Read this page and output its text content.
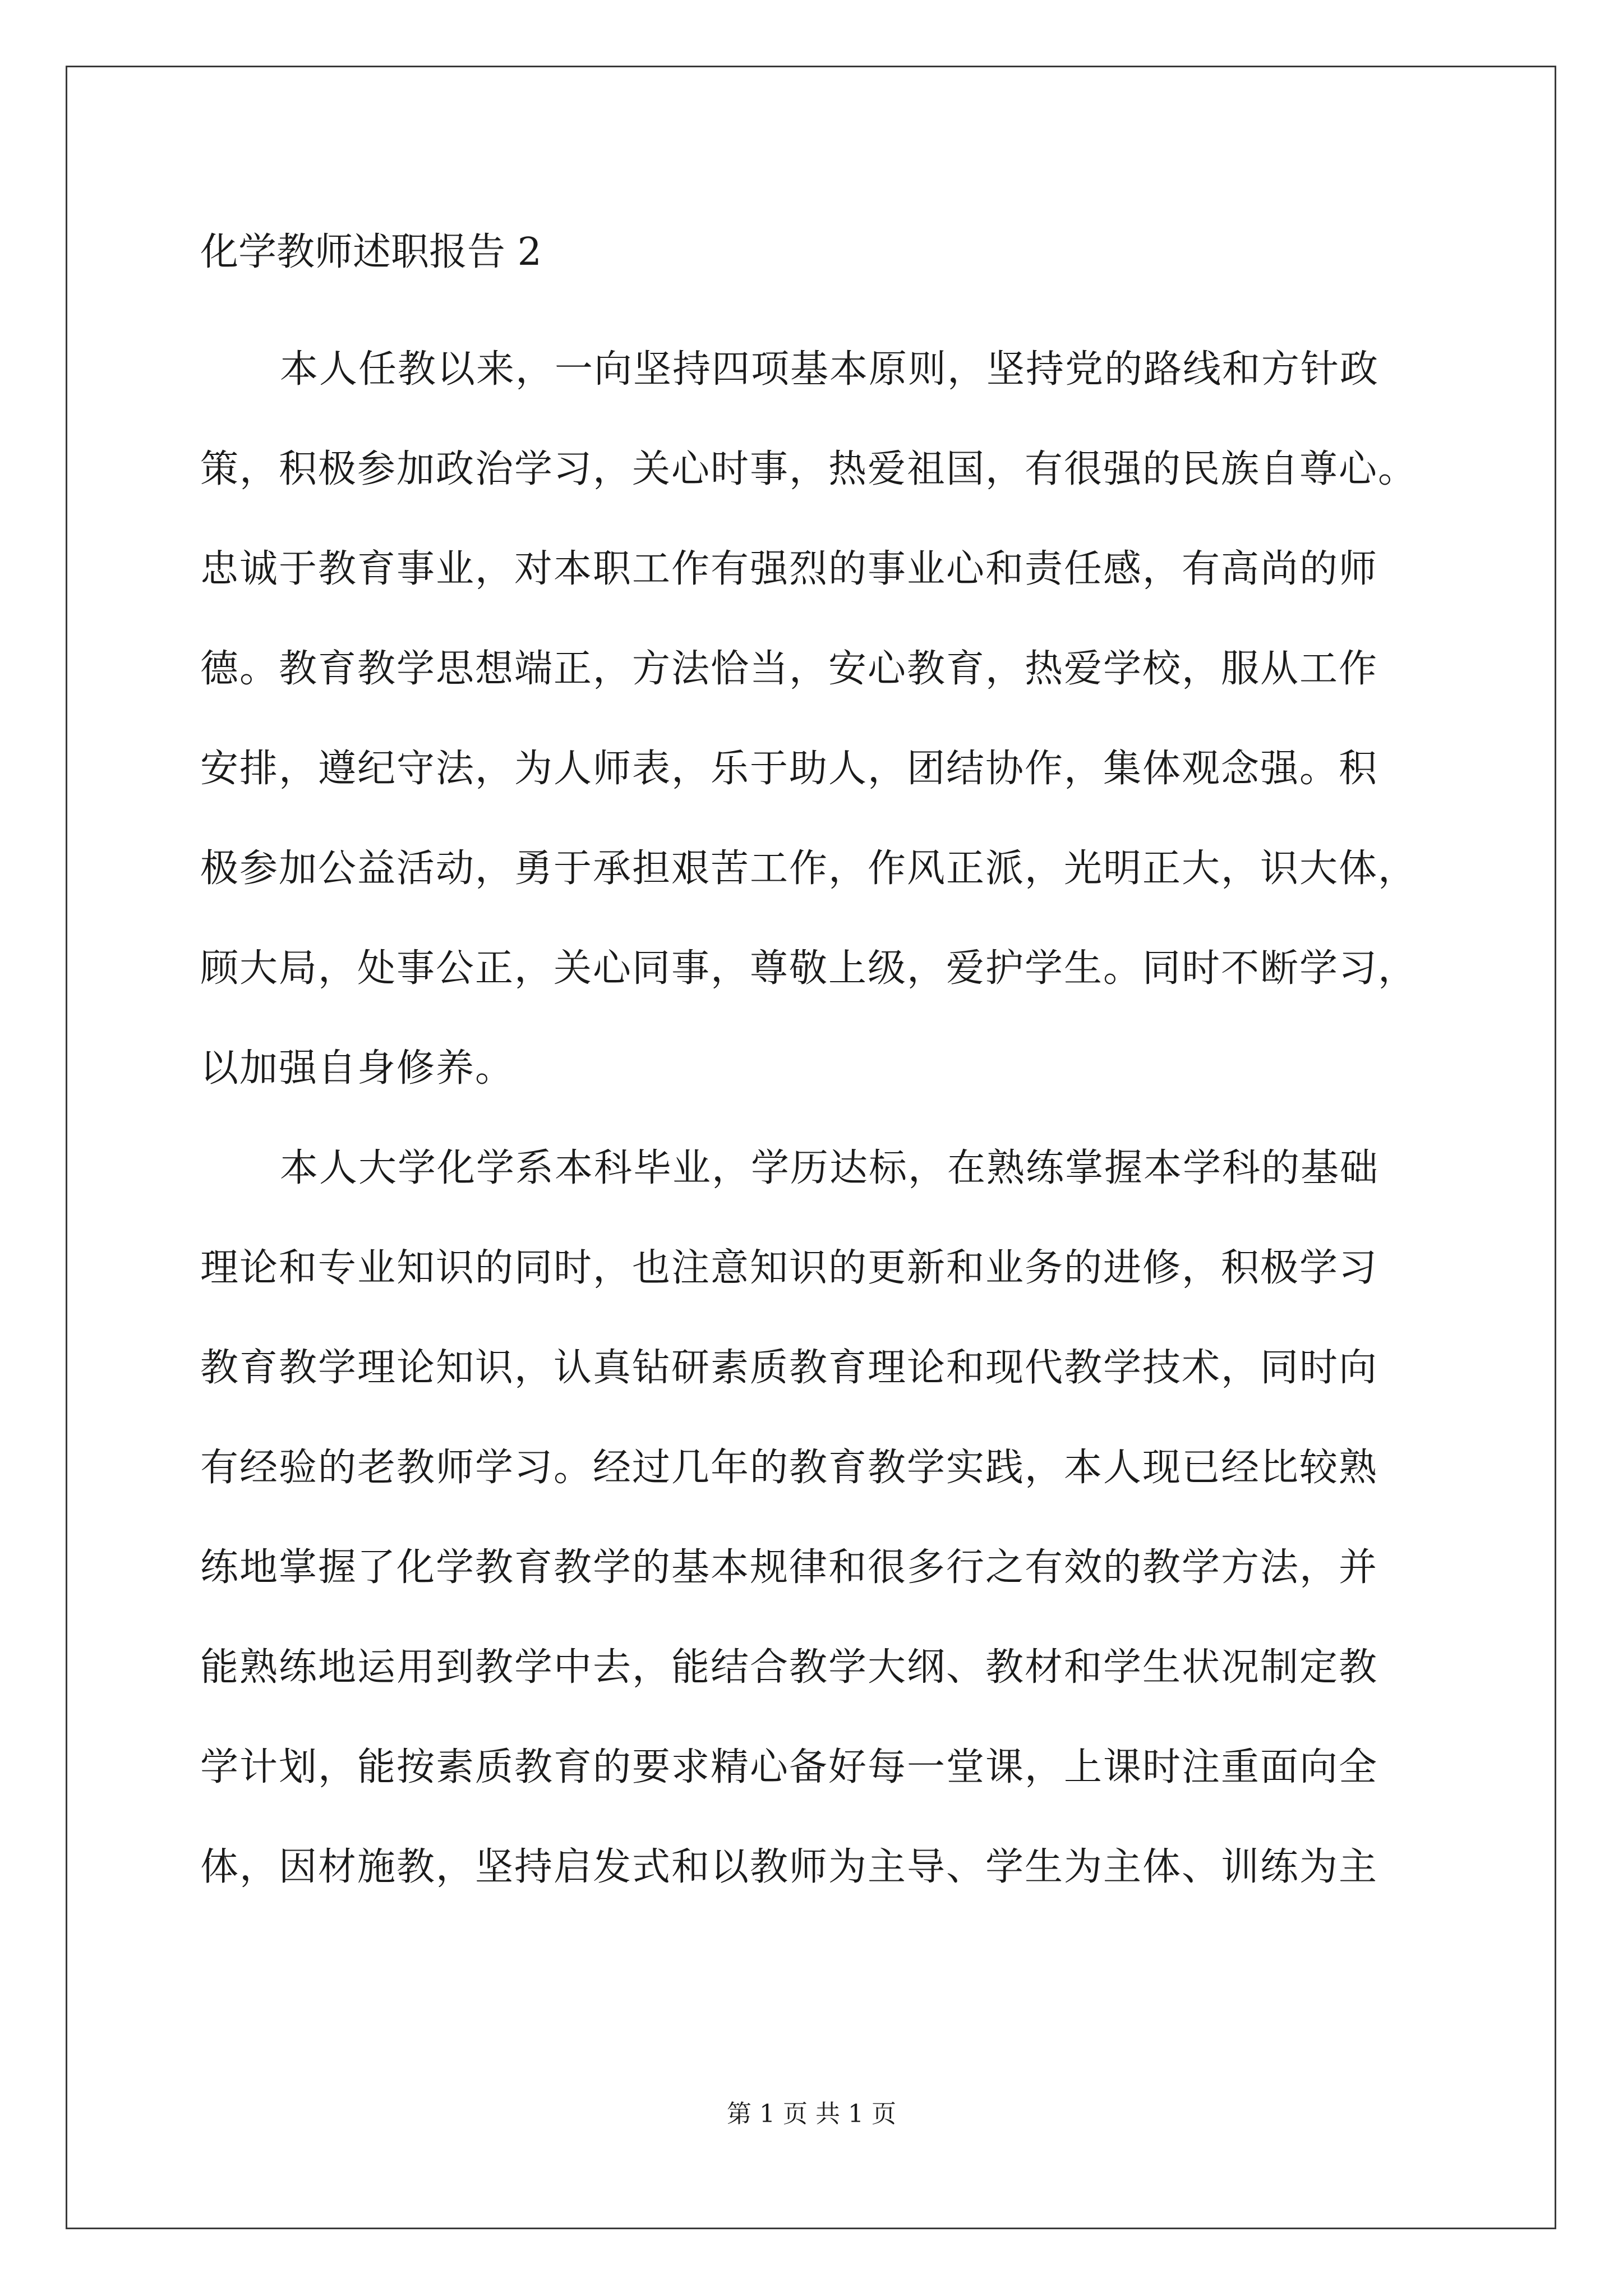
化学教师述职报告 2
本人任教以来，一向坚持四项基本原则，坚持党的路线和方针政
策，积极参加政治学习，关心时事，热爱祖国，有很强的民族自尊心。
忠诚于教育事业，对本职工作有强烈的事业心和责任感，有高尚的师
德。教育教学思想端正，方法恰当，安心教育，热爱学校，服从工作
安排，遵纪守法，为人师表，乐于助人，团结协作，集体观念强。积
极参加公益活动，勇于承担艰苦工作，作风正派，光明正大，识大体，
顾大局，处事公正，关心同事，尊敬上级，爱护学生。同时不断学习，
以加强自身修养。
本人大学化学系本科毕业，学历达标，在熟练掌握本学科的基础
理论和专业知识的同时，也注意知识的更新和业务的进修，积极学习
教育教学理论知识，认真钻研素质教育理论和现代教学技术，同时向
有经验的老教师学习。经过几年的教育教学实践，本人现已经比较熟
练地掌握了化学教育教学的基本规律和很多行之有效的教学方法，并
能熟练地运用到教学中去，能结合教学大纲、教材和学生状况制定教
学计划，能按素质教育的要求精心备好每一堂课，上课时注重面向全
体，因材施教，坚持启发式和以教师为主导、学生为主体、训练为主
第 1 页 共 1 页
